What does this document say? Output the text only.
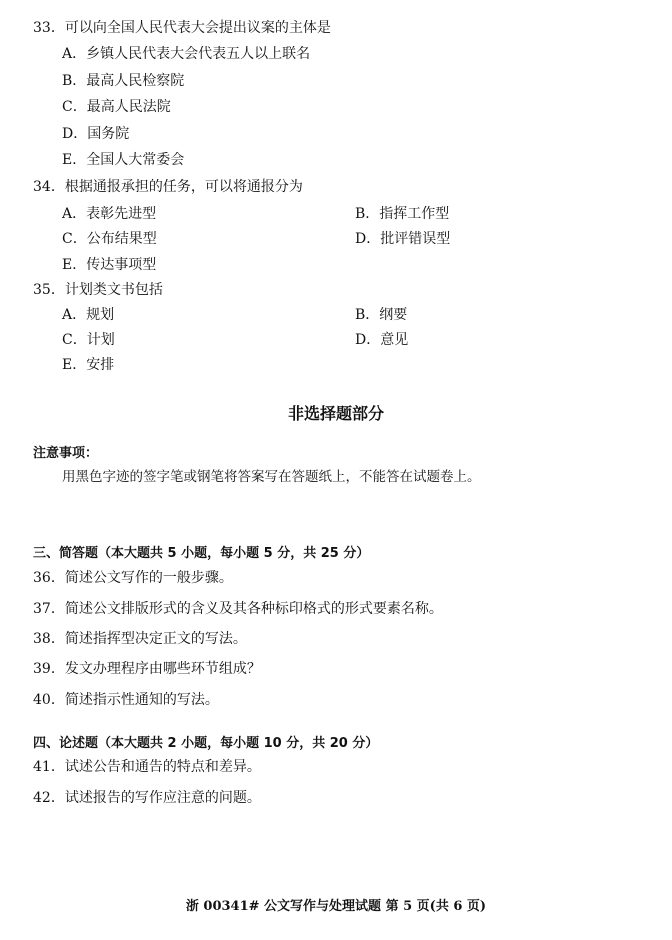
33．可以向全国人民代表大会提出议案的主体是
A．乡镇人民代表大会代表五人以上联名
B．最高人民检察院
C．最高人民法院
D．国务院
E．全国人大常委会
34．根据通报承担的任务，可以将通报分为
A．表彰先进型	B．指挥工作型
C．公布结果型	D．批评错误型
E．传达事项型
35．计划类文书包括
A．规划	B．纲要
C．计划	D．意见
E．安排
非选择题部分
注意事项：
用黑色字迹的签字笔或钢笔将答案写在答题纸上，不能答在试题卷上。
三、简答题（本大题共 5 小题，每小题 5 分，共 25 分）
36．简述公文写作的一般步骤。
37．简述公文排版形式的含义及其各种标印格式的形式要素名称。
38．简述指挥型决定正文的写法。
39．发文办理程序由哪些环节组成？
40．简述指示性通知的写法。
四、论述题（本大题共 2 小题，每小题 10 分，共 20 分）
41．试述公告和通告的特点和差异。
42．试述报告的写作应注意的问题。
浙 00341# 公文写作与处理试题 第 5 页(共 6 页)
